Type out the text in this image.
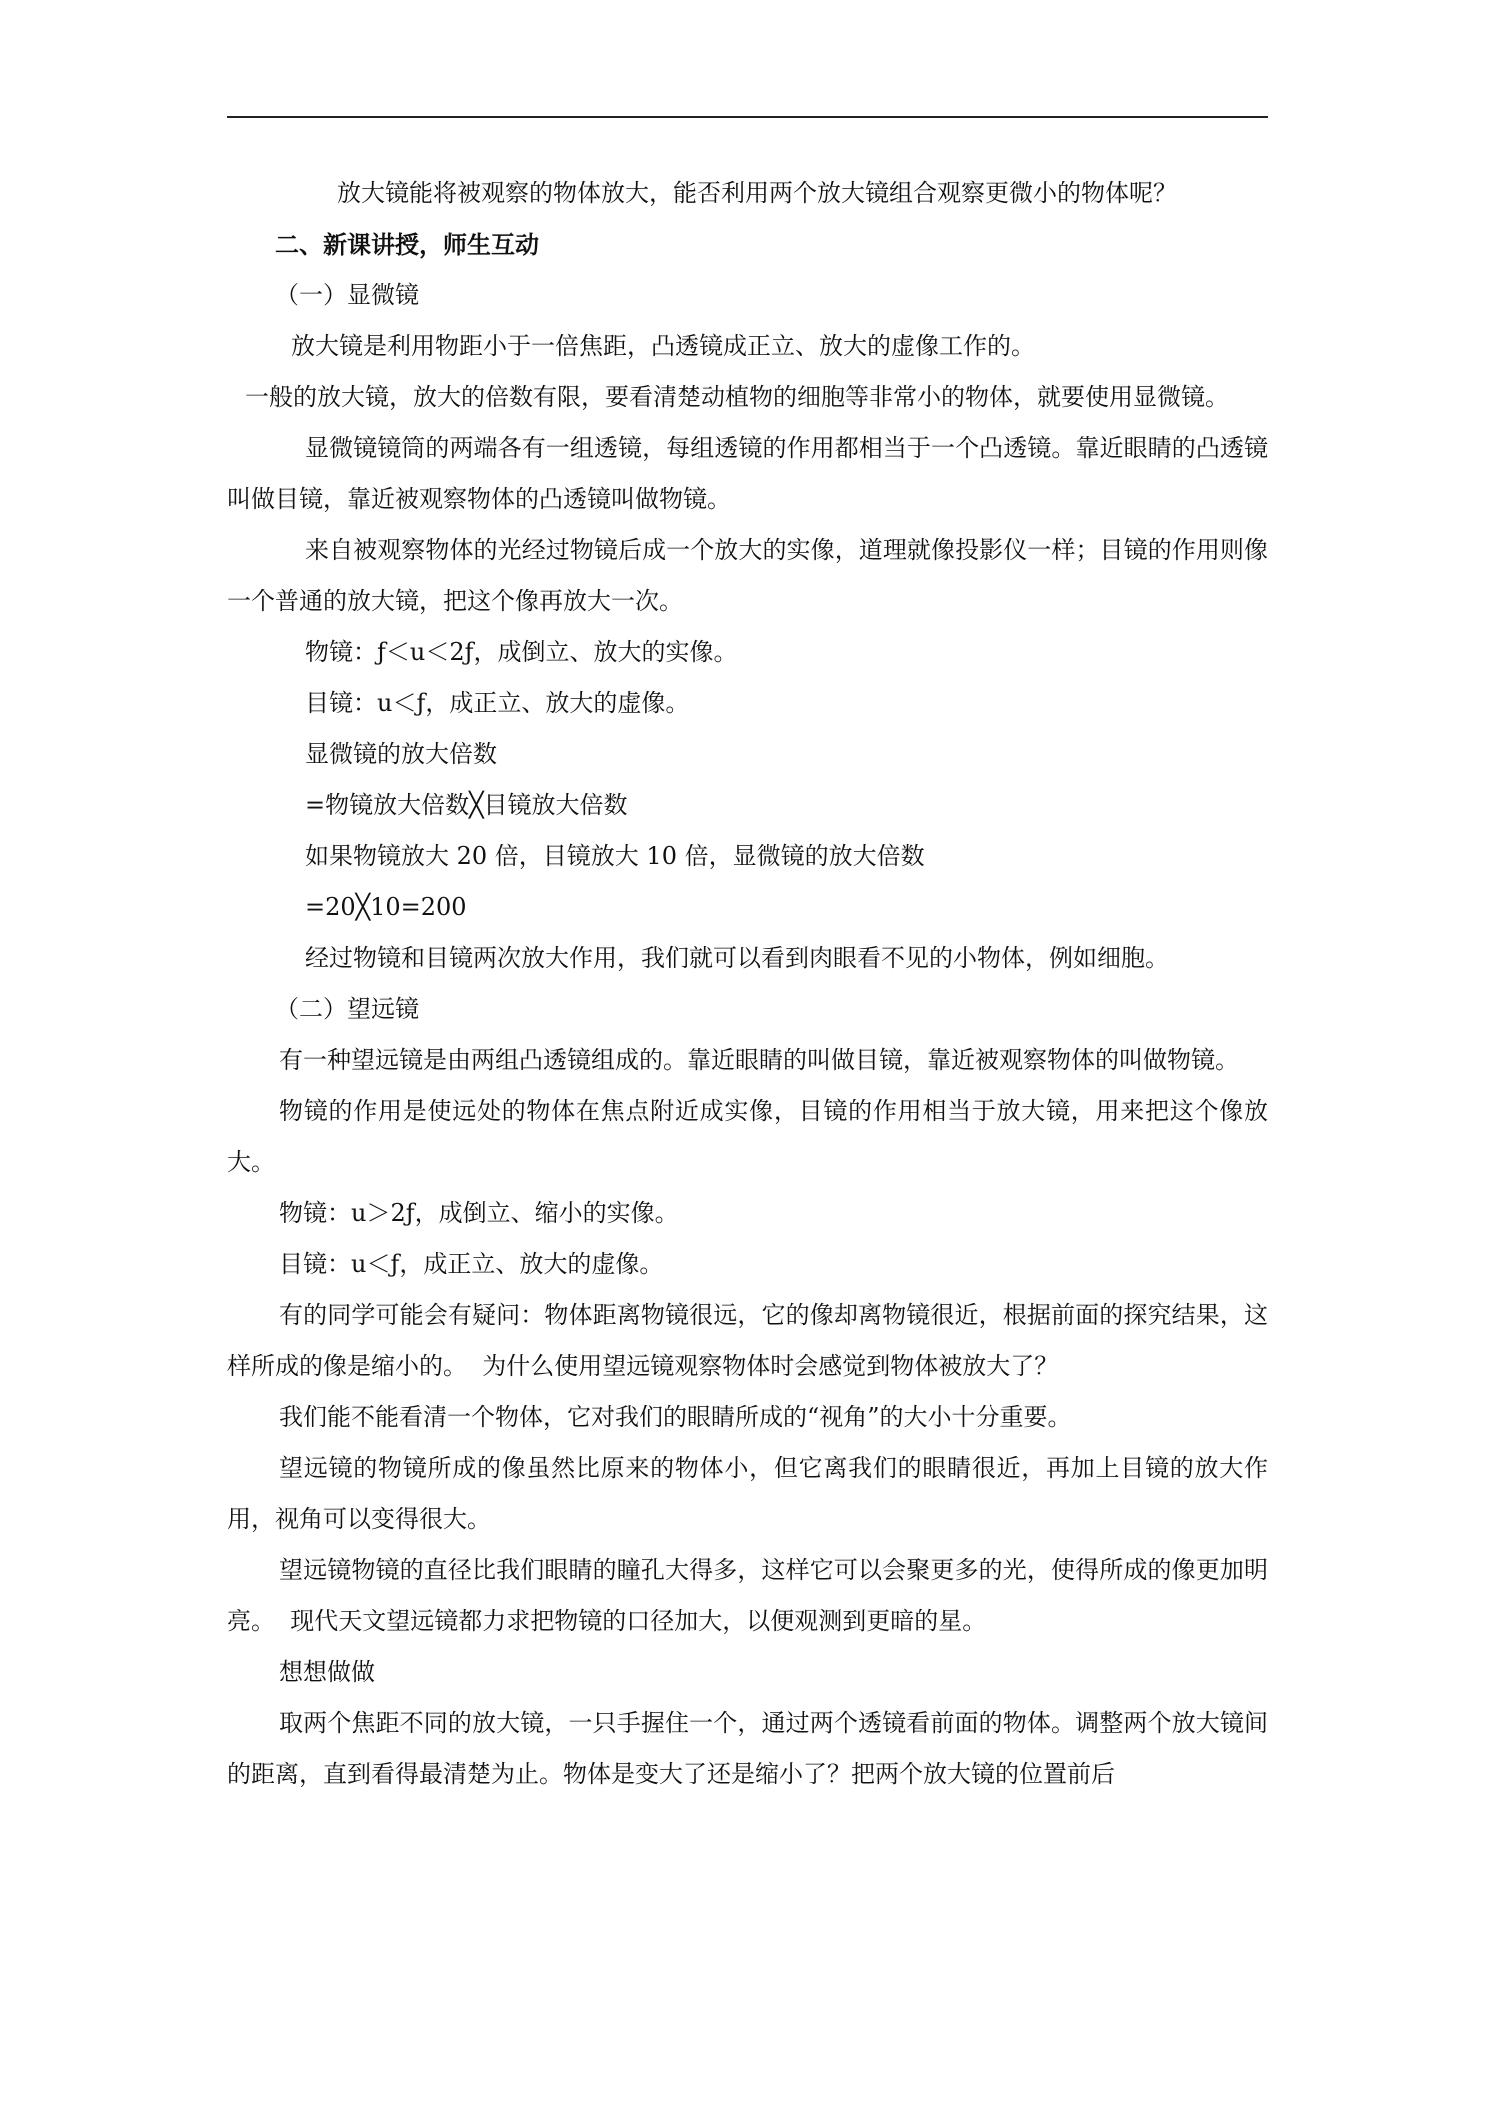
放大镜能将被观察的物体放大，能否利用两个放大镜组合观察更微小的物体呢？

二、新课讲授，师生互动

（一）显微镜

放大镜是利用物距小于一倍焦距，凸透镜成正立、放大的虚像工作的。

一般的放大镜，放大的倍数有限，要看清楚动植物的细胞等非常小的物体，就要使用显微镜。

显微镜镜筒的两端各有一组透镜，每组透镜的作用都相当于一个凸透镜。靠近眼睛的凸透镜叫做目镜，靠近被观察物体的凸透镜叫做物镜。

来自被观察物体的光经过物镜后成一个放大的实像，道理就像投影仪一样；目镜的作用则像一个普通的放大镜，把这个像再放大一次。

物镜：ƒ＜u＜2ƒ，成倒立、放大的实像。

目镜：u＜ƒ，成正立、放大的虚像。

显微镜的放大倍数

=物镜放大倍数╳目镜放大倍数

如果物镜放大 20 倍，目镜放大 10 倍，显微镜的放大倍数

=20╳10=200

经过物镜和目镜两次放大作用，我们就可以看到肉眼看不见的小物体，例如细胞。

（二）望远镜

有一种望远镜是由两组凸透镜组成的。靠近眼睛的叫做目镜，靠近被观察物体的叫做物镜。

物镜的作用是使远处的物体在焦点附近成实像，目镜的作用相当于放大镜，用来把这个像放大。

物镜：u＞2ƒ，成倒立、缩小的实像。

目镜：u＜ƒ，成正立、放大的虚像。

有的同学可能会有疑问：物体距离物镜很远，它的像却离物镜很近，根据前面的探究结果，这样所成的像是缩小的。  为什么使用望远镜观察物体时会感觉到物体被放大了？

我们能不能看清一个物体，它对我们的眼睛所成的“视角”的大小十分重要。

望远镜的物镜所成的像虽然比原来的物体小，但它离我们的眼睛很近，再加上目镜的放大作用，视角可以变得很大。

望远镜物镜的直径比我们眼睛的瞳孔大得多，这样它可以会聚更多的光，使得所成的像更加明亮。  现代天文望远镜都力求把物镜的口径加大，以便观测到更暗的星。

想想做做

取两个焦距不同的放大镜，一只手握住一个，通过两个透镜看前面的物体。调整两个放大镜间的距离，直到看得最清楚为止。物体是变大了还是缩小了？把两个放大镜的位置前后
